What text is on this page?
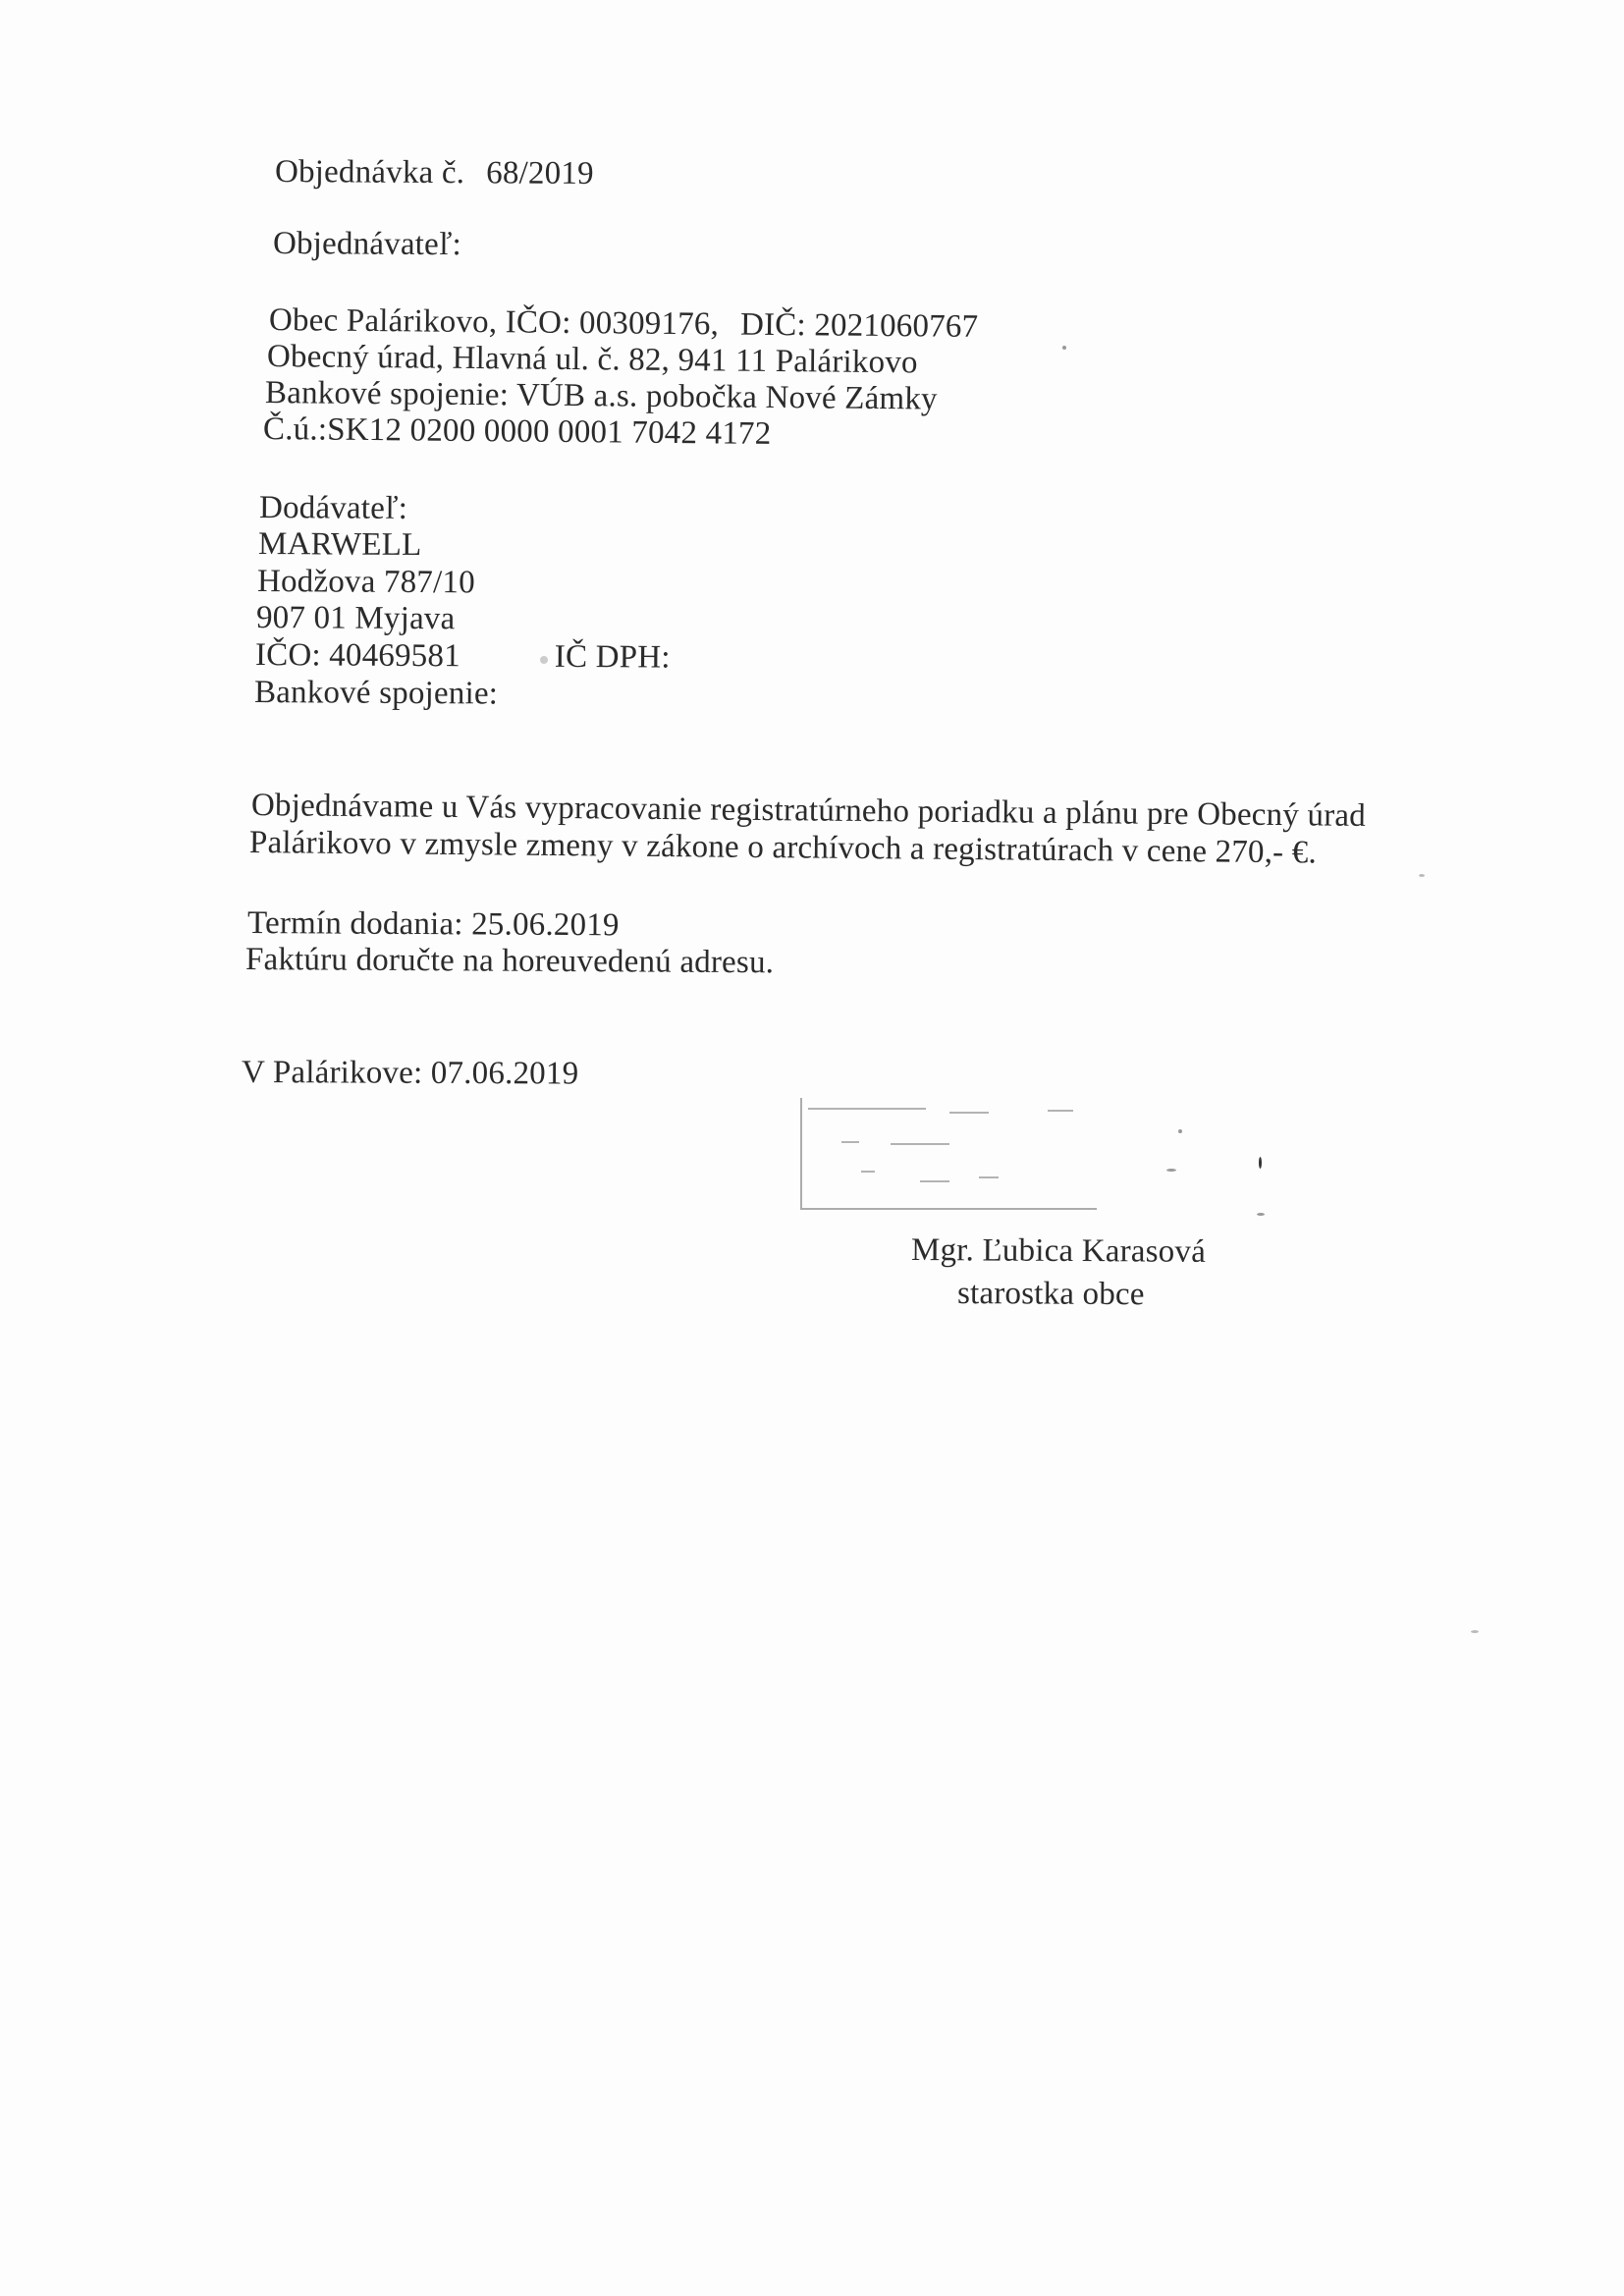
Objednávka č. 68/2019
Objednávateľ:
Obec Palárikovo, IČO: 00309176, DIČ: 2021060767
Obecný úrad, Hlavná ul. č. 82, 941 11 Palárikovo
Bankové spojenie: VÚB a.s. pobočka Nové Zámky
Č.ú.:SK12 0200 0000 0001 7042 4172
Dodávateľ:
MARWELL
Hodžova 787/10
907 01 Myjava
IČO: 40469581	IČ DPH:
Bankové spojenie:
Objednávame u Vás vypracovanie registratúrneho poriadku a plánu pre Obecný úrad
Palárikovo v zmysle zmeny v zákone o archívoch a registratúrach v cene 270,- €.
Termín dodania: 25.06.2019
Faktúru doručte na horeuvedenú adresu.
V Palárikove: 07.06.2019
Mgr. Ľubica Karasová
starostka obce
